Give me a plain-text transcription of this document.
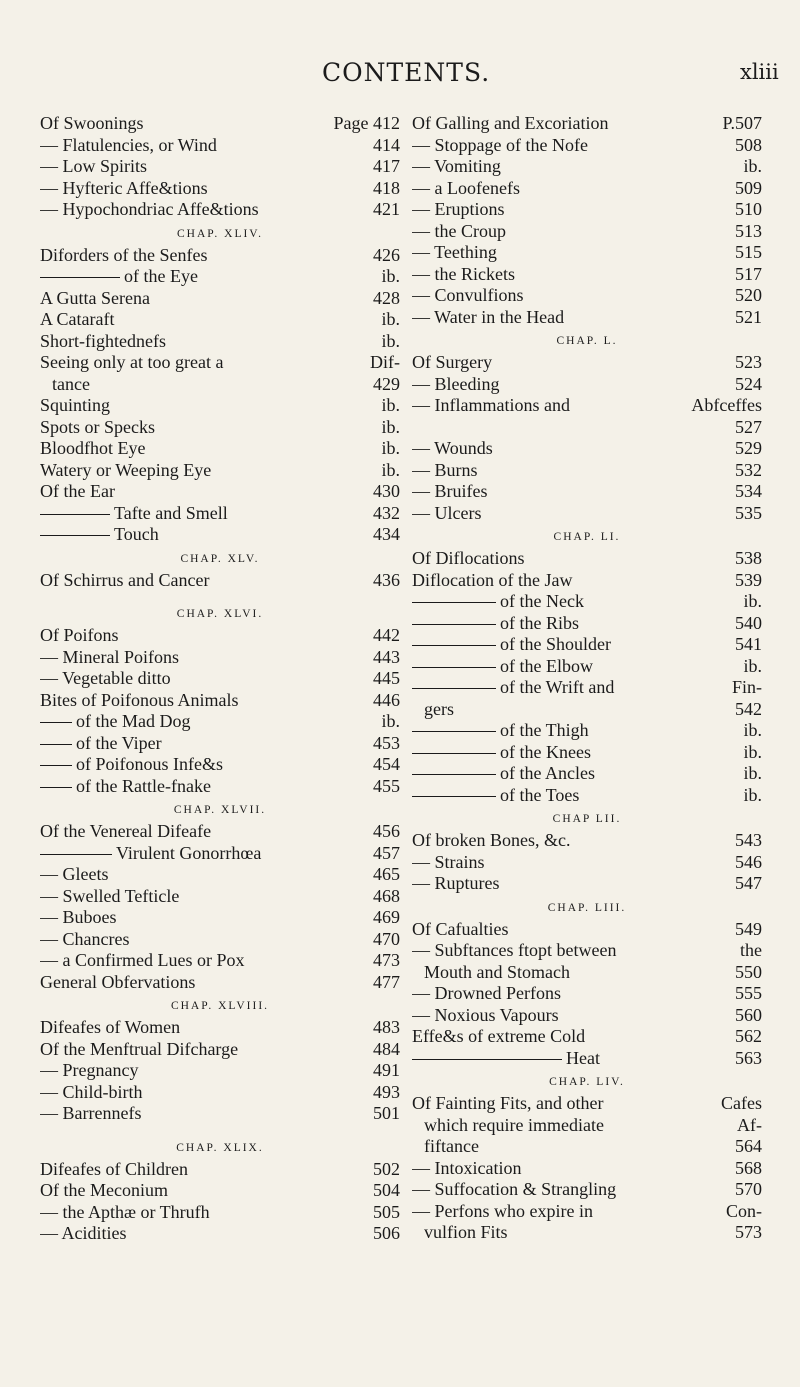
CONTENTS.	xliii
Of Swoonings	Page 412
— Flatulencies, or Wind	414
— Low Spirits	417
— Hyfteric Affe&tions	418
— Hypochondriac Affe&tions	421
CHAP. XLIV.
Diforders of the Senfes	426
of the Eye	ib.
A Gutta Serena	428
A Cataraft	ib.
Short-fightednefs	ib.
Seeing only at too great a	Dif-
tance	429
Squinting	ib.
Spots or Specks	ib.
Bloodfhot Eye	ib.
Watery or Weeping Eye	ib.
Of the Ear	430
Tafte and Smell	432
Touch	434
CHAP. XLV.
Of Schirrus and Cancer	436
CHAP. XLVI.
Of Poifons	442
— Mineral Poifons	443
— Vegetable ditto	445
Bites of Poifonous Animals	446
of the Mad Dog	ib.
of the Viper	453
of Poifonous Infe&s	454
of the Rattle-fnake	455
CHAP. XLVII.
Of the Venereal Difeafe	456
Virulent Gonorrhœa	457
— Gleets	465
— Swelled Tefticle	468
— Buboes	469
— Chancres	470
— a Confirmed Lues or Pox	473
General Obfervations	477
CHAP. XLVIII.
Difeafes of Women	483
Of the Menftrual Difcharge	484
— Pregnancy	491
— Child-birth	493
— Barrennefs	501
CHAP. XLIX.
Difeafes of Children	502
Of the Meconium	504
— the Apthæ or Thrufh	505
— Acidities	506
Of Galling and Excoriation	P.507
— Stoppage of the Nofe	508
— Vomiting	ib.
— a Loofenefs	509
— Eruptions	510
— the Croup	513
— Teething	515
— the Rickets	517
— Convulfions	520
— Water in the Head	521
CHAP. L.
Of Surgery	523
— Bleeding	524
— Inflammations and	Abfceffes
527
— Wounds	529
— Burns	532
— Bruifes	534
— Ulcers	535
CHAP. LI.
Of Diflocations	538
Diflocation of the Jaw	539
of the Neck	ib.
of the Ribs	540
of the Shoulder	541
of the Elbow	ib.
of the Wrift and	Fin-
gers	542
of the Thigh	ib.
of the Knees	ib.
of the Ancles	ib.
of the Toes	ib.
CHAP LII.
Of broken Bones, &c.	543
— Strains	546
— Ruptures	547
CHAP. LIII.
Of Cafualties	549
— Subftances ftopt between	the
Mouth and Stomach	550
— Drowned Perfons	555
— Noxious Vapours	560
Effe&s of extreme Cold	562
Heat	563
CHAP. LIV.
Of Fainting Fits, and other	Cafes
which require immediate	Af-
fiftance	564
— Intoxication	568
— Suffocation & Strangling	570
— Perfons who expire in	Con-
vulfion Fits	573
